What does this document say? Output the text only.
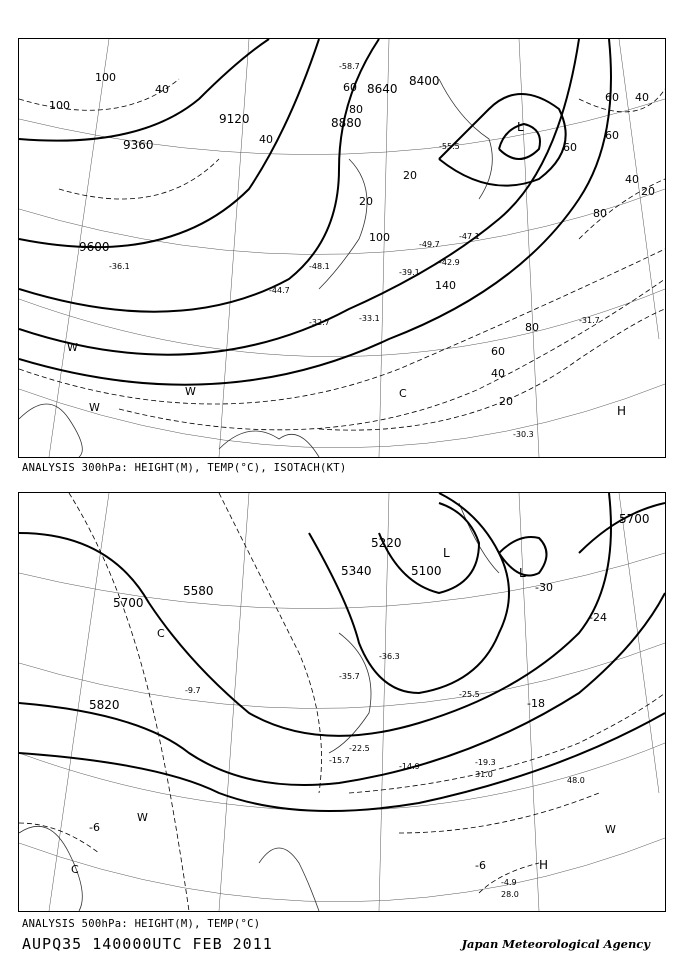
9600
9360
9120	8880
8640
8400
100
100
40
40
60
80
100
140
80
60
40
20
20
20
60
40
20
60
40
80
60
L
H
W
W
W	C
-58.7
-55.5
-49.7
-47.1
-42.9
-39.1
-31.7
-30.3
-33.1
-32.7
-36.1
-44.7
-48.1
ANALYSIS 300hPa: HEIGHT(M), TEMP(°C), ISOTACH(KT)
5700
5580
5820
5220
5340	5100
5700
-30
-24
-18
-6
-6
L
L
H
C
W
C
W
-36.3
-35.7
-25.5
-22.5
-14.9	-19.3
-15.7
-9.7
-4.9
31.0
28.0
48.0
ANALYSIS 500hPa: HEIGHT(M), TEMP(°C)
AUPQ35 140000UTC FEB 2011	Japan Meteorological Agency
